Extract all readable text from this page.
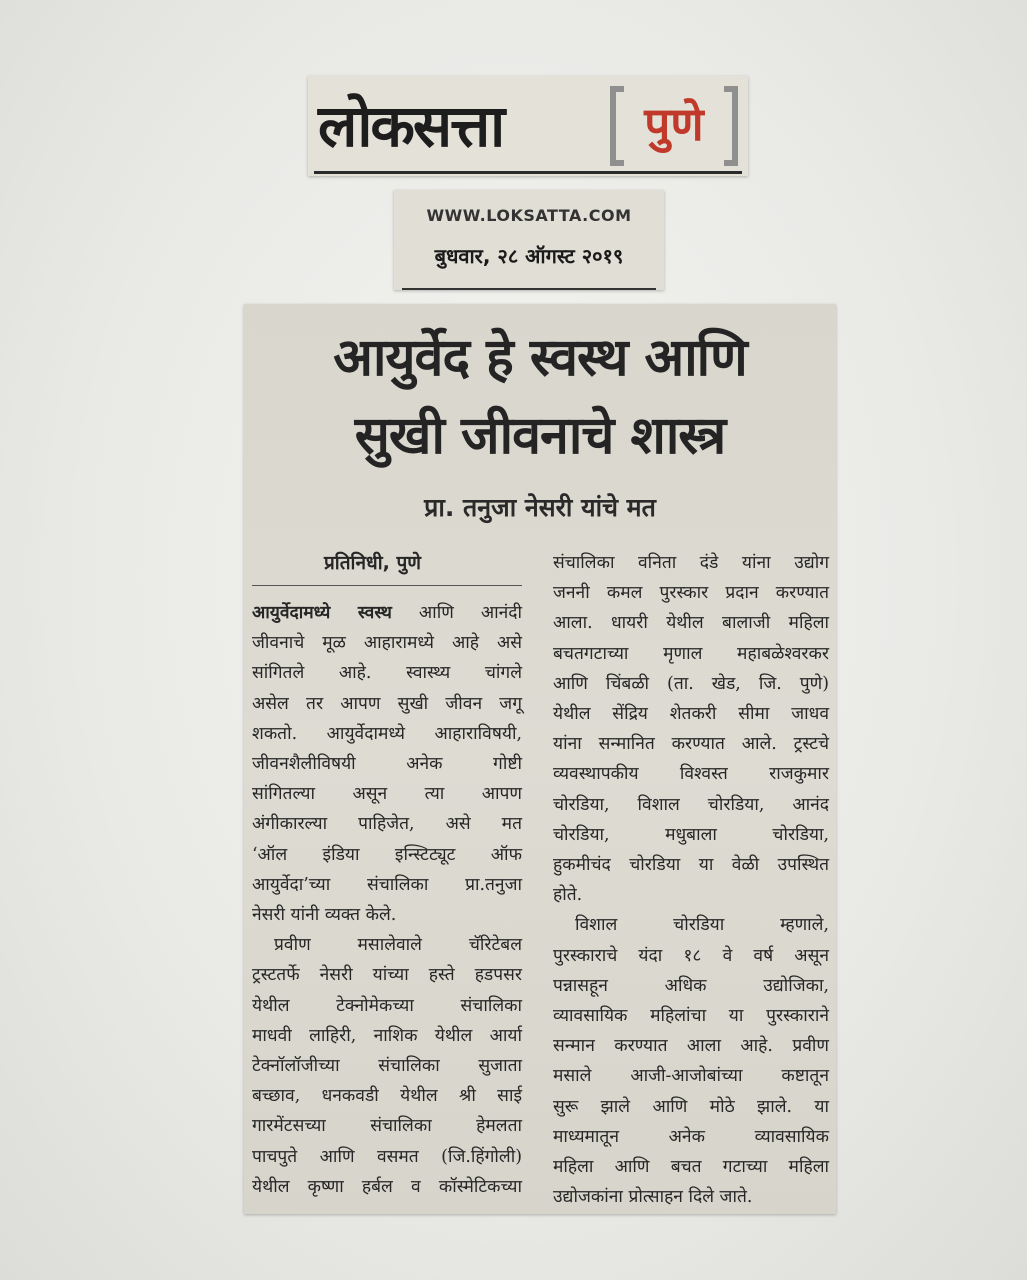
लोकसत्ता	पुणे
WWW.LOKSATTA.COM
बुधवार, २८ ऑगस्ट २०१९
आयुर्वेद हे स्वस्थ आणि
सुखी जीवनाचे शास्त्र
प्रा. तनुजा नेसरी यांचे मत
प्रतिनिधी, पुणे
आयुर्वेदामध्ये स्वस्थ आणि आनंदी
जीवनाचे मूळ आहारामध्ये आहे असे
सांगितले आहे. स्वास्थ्य चांगले
असेल तर आपण सुखी जीवन जगू
शकतो. आयुर्वेदामध्ये आहाराविषयी,
जीवनशैलीविषयी अनेक गोष्टी
सांगितल्या असून त्या आपण
अंगीकारल्या पाहिजेत, असे मत
‘ऑल इंडिया इन्स्टिट्यूट ऑफ
आयुर्वेदा’च्या संचालिका प्रा.तनुजा
नेसरी यांनी व्यक्त केले.
प्रवीण मसालेवाले चॅरिटेबल
ट्रस्टतर्फे नेसरी यांच्या हस्ते हडपसर
येथील टेक्नोमेकच्या संचालिका
माधवी लाहिरी, नाशिक येथील आर्या
टेक्नॉलॉजीच्या संचालिका सुजाता
बच्छाव, धनकवडी येथील श्री साई
गारमेंटसच्या संचालिका हेमलता
पाचपुते आणि वसमत (जि.हिंगोली)
येथील कृष्णा हर्बल व कॉस्मेटिकच्या
संचालिका वनिता दंडे यांना उद्योग
जननी कमल पुरस्कार प्रदान करण्यात
आला. धायरी येथील बालाजी महिला
बचतगटाच्या मृणाल महाबळेश्वरकर
आणि चिंबळी (ता. खेड, जि. पुणे)
येथील सेंद्रिय शेतकरी सीमा जाधव
यांना सन्मानित करण्यात आले. ट्रस्टचे
व्यवस्थापकीय विश्वस्त राजकुमार
चोरडिया, विशाल चोरडिया, आनंद
चोरडिया, मधुबाला चोरडिया,
हुकमीचंद चोरडिया या वेळी उपस्थित
होते.
विशाल चोरडिया म्हणाले,
पुरस्काराचे यंदा १८ वे वर्ष असून
पन्नासहून अधिक उद्योजिका,
व्यावसायिक महिलांचा या पुरस्काराने
सन्मान करण्यात आला आहे. प्रवीण
मसाले आजी-आजोबांच्या कष्टातून
सुरू झाले आणि मोठे झाले. या
माध्यमातून अनेक व्यावसायिक
महिला आणि बचत गटाच्या महिला
उद्योजकांना प्रोत्साहन दिले जाते.
